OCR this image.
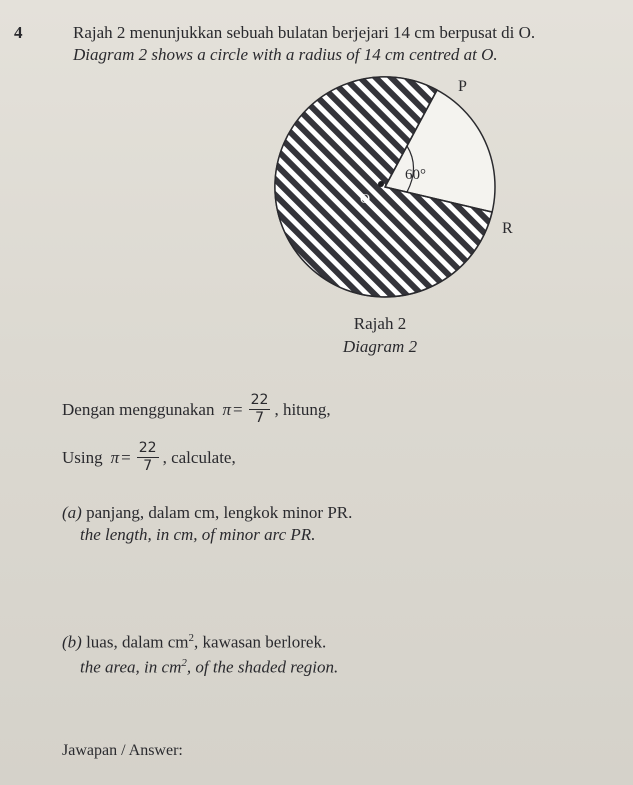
4	Rajah 2 menunjukkan sebuah bulatan berjejari 14 cm berpusat di O.
Diagram 2 shows a circle with a radius of 14 cm centred at O.
P
R
O
60°
Rajah 2
Diagram 2
Dengan menggunakan $\pi = \frac{22}{7}$ , hitung,
Using $\pi = \frac{22}{7}$ , calculate,
(a) panjang, dalam cm, lengkok minor PR.
the length, in cm, of minor arc PR.
(b) luas, dalam $cm^2$, kawasan berlorek.
the area, in $cm^2$, of the shaded region.
Jawapan / Answer:
